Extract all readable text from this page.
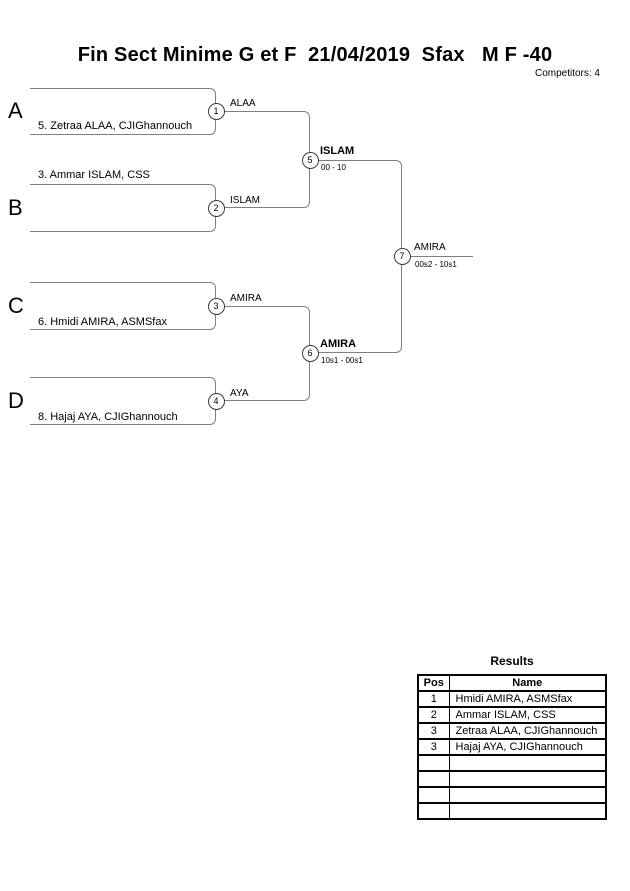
Fin Sect Minime G et F  21/04/2019  Sfax   M F -40
Competitors: 4
A
B
C
D
5. Zetraa ALAA, CJIGhannouch
3. Ammar ISLAM, CSS
6. Hmidi AMIRA, ASMSfax
8. Hajaj AYA, CJIGhannouch
ALAA
ISLAM
AMIRA
AYA
ISLAM
00 - 10
AMIRA
10s1 - 00s1
AMIRA
00s2 - 10s1
1
2
3
4
5
6
7
Results
Pos	Name
1	Hmidi AMIRA, ASMSfax
2	Ammar ISLAM, CSS
3	Zetraa ALAA, CJIGhannouch
3	Hajaj AYA, CJIGhannouch
